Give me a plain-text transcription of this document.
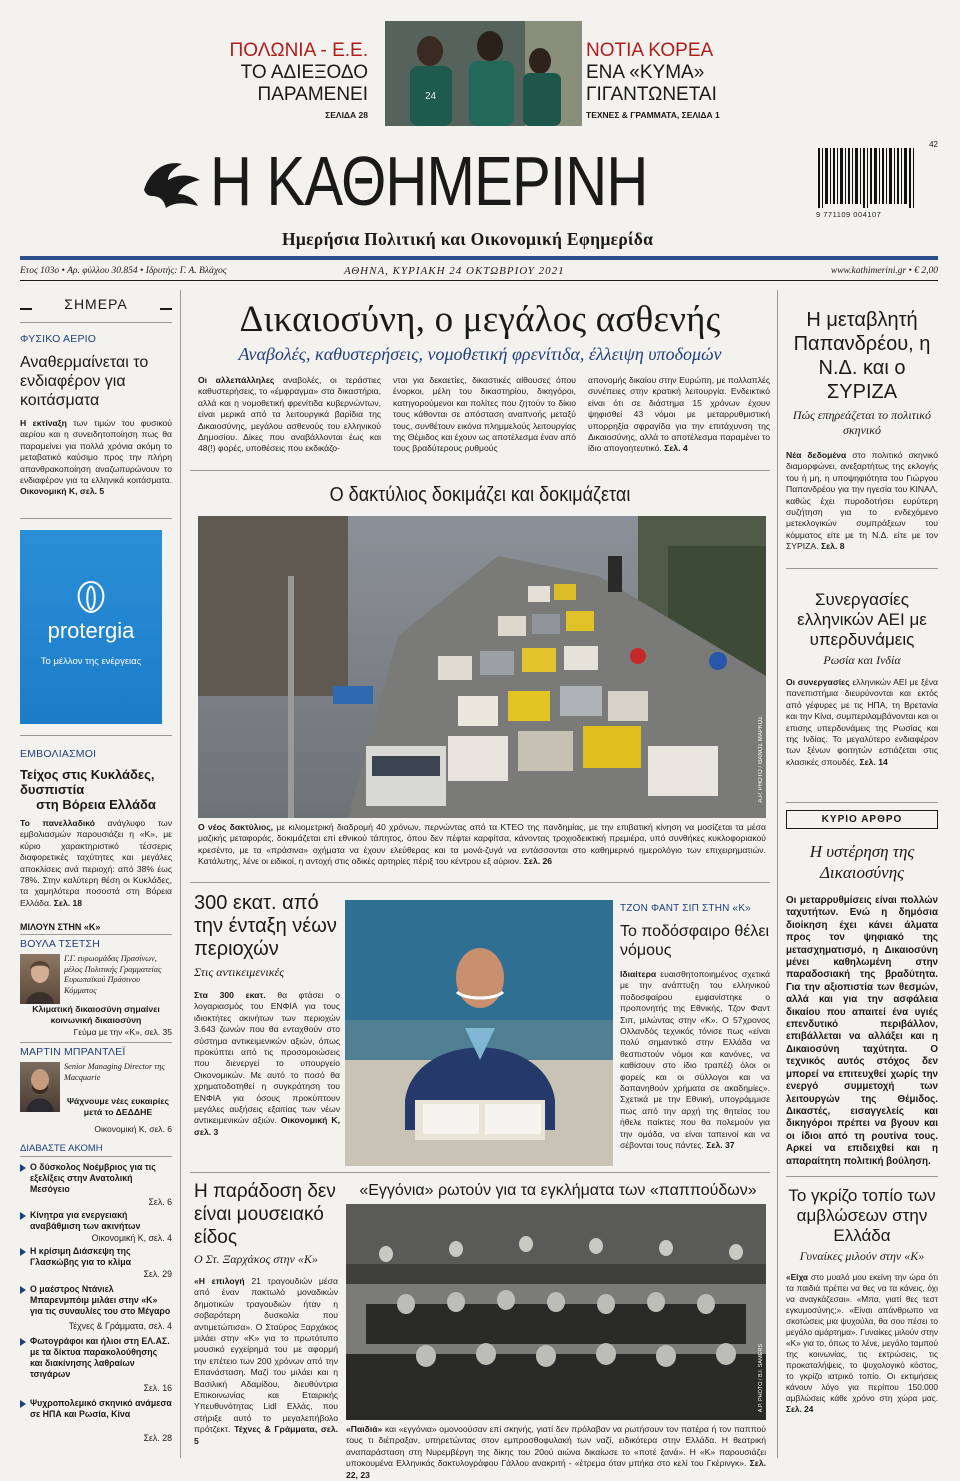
ΠΟΛΩΝΙΑ - Ε.Ε.
ΤΟ ΑΔΙΕΞΟΔΟ
ΠΑΡΑΜΕΝΕΙ
ΣΕΛΙΔΑ 28
24
ΝΟΤΙΑ ΚΟΡΕΑ
ΕΝΑ «ΚΥΜΑ»
ΓΙΓΑΝΤΩΝΕΤΑΙ
ΤΕΧΝΕΣ & ΓΡΑΜΜΑΤΑ, ΣΕΛΙΔΑ 1
Η ΚΑΘΗΜΕΡΙΝΗ	42
9 771109 004107
Ημερήσια Πολιτική και Οικονομική Εφημερίδα
Ετος 103ο • Αρ. φύλλου 30.854 • Ιδρυτής: Γ. Α. Βλάχος	ΑΘΗΝΑ, ΚΥΡΙΑΚΗ 24 ΟΚΤΩΒΡΙΟΥ 2021	www.kathimerini.gr • € 2,00
ΣΗΜΕΡΑ
ΦΥΣΙΚΟ ΑΕΡΙΟ
Αναθερμαίνεται το ενδιαφέρον για κοιτάσματα

Η εκτίναξη των τιμών του φυσικού αερίου και η συνειδητοποίηση πως θα παραμείνει για πολλά χρόνια ακόμη το μεταβατικό καύσιμο προς την πλήρη απανθρακοποίηση αναζωπυρώνουν το ενδιαφέρον για τα ελληνικά κοιτάσματα. Οικονομική Κ, σελ. 5

protergia
Το μέλλον της ενέργειας
ΕΜΒΟΛΙΑΣΜΟΙ
Τείχος στις Κυκλάδες, δυσπιστία
στη Βόρεια Ελλάδα

Το πανελλαδικό ανάγλυφο των εμβολιασμών παρουσιάζει η «Κ», με κύριο χαρακτηριστικό τέσσερις διαφορετικές ταχύτητες και μεγάλες αποκλίσεις ανά περιοχή: από 38% έως 78%. Στην καλύτερη θέση οι Κυκλάδες, τα χαμηλότερα ποσοστά στη Βόρεια Ελλάδα. Σελ. 18

ΜΙΛΟΥΝ ΣΤΗΝ «Κ»
ΒΟΥΛΑ ΤΣΕΤΣΗ
Γ.Γ. ευρωομάδας Πρασίνων, μέλος Πολιτικής Γραμματείας Ευρωπαϊκού Πράσινου Κόμματος
Κλιματική δικαιοσύνη σημαίνει κοινωνική δικαιοσύνη
Γεύμα με την «Κ», σελ. 35
ΜΑΡΤΙΝ ΜΠΡΑΝΤΛΕΪ
Senior Managing Director της Macquarie
Ψάχνουμε νέες ευκαιρίες μετά το ΔΕΔΔΗΕ
Οικονομική Κ, σελ. 6
ΔΙΑΒΑΣΤΕ ΑΚΟΜΗ
Ο δύσκολος Νοέμβριος για τις εξελίξεις στην Ανατολική Μεσόγειο
Σελ. 6
Κίνητρα για ενεργειακή αναβάθμιση των ακινήτων
Οικονομική Κ, σελ. 4
Η κρίσιμη Διάσκεψη της Γλασκώβης για το κλίμα
Σελ. 29
Ο μαέστρος Ντάνιελ Μπαρενμπόιμ μιλάει στην «Κ» για τις συναυλίες του στο Μέγαρο
Τέχνες & Γράμματα, σελ. 4
Φωτογράφοι και ήλιοι στη ΕΛ.ΑΣ. με τα δίκτυα παρακολούθησης και διακίνησης λαθραίων τσιγάρων
Σελ. 16
Ψυχροπολεμικό σκηνικό ανάμεσα σε ΗΠΑ και Ρωσία, Κίνα
Σελ. 28
Δικαιοσύνη, ο μεγάλος ασθενής
Αναβολές, καθυστερήσεις, νομοθετική φρενίτιδα, έλλειψη υποδομών

Οι αλλεπάλληλες αναβολές, οι τεράστιες καθυστερήσεις, το «έμφραγμα» στα δικαστήρια, αλλά και η νομοθετική φρενίτιδα κυβερνώντων, είναι μερικά από τα λειτουργικά βαρίδια της Δικαιοσύνης, μεγάλου ασθενούς του ελληνικού Δημοσίου. Δίκες που αναβάλλονται έως και 48(!) φορές, υποθέσεις που εκδικάζο-

νται για δεκαετίες, δικαστικές αίθουσες όπου ένορκοι, μέλη του δικαστηρίου, δικηγόροι, κατηγορούμενοι και πολίτες που ζητούν το δίκιο τους κάθονται σε απόσταση αναπνοής μεταξύ τους, συνθέτουν εικόνα πλημμελούς λειτουργίας της Θέμιδος και έχουν ως αποτέλεσμα έναν από τους βραδύτερους ρυθμούς

απονομής δικαίου στην Ευρώπη, με πολλαπλές συνέπειες στην κρατική λειτουργία. Ενδεικτικό είναι ότι σε διάστημα 15 χρόνων έχουν ψηφισθεί 43 νόμοι με μεταρρυθμιστική υπορρηξία σφραγίδα για την επιτάχυνση της Δικαιοσύνης, αλλά το αποτέλεσμα παραμένει το ίδιο απογοητευτικό. Σελ. 4

Ο δακτύλιος δοκιμάζει και δοκιμάζεται
Α.Ρ. PHOTO / ΘΑΝΟΣ ΜΑΡΚΟΣ

Ο νέος δακτύλιος, με κιλιομετρική διαδρομή 40 χρόνων, περνώντας από τα ΚΤΕΟ της πανδημίας, με την επιβατική κίνηση να μοσίζεται τα μέσα μαζικής μεταφοράς, δοκιμάζεται επί εθνικού τάπητος, όπου δεν πέφτει καρφίτσα, κάνοντας τροχιοδεικτική πρεμιέρα, υπό συνθήκες κυκλοφοριακού κρεσέντο, με τα «πράσινα» οχήματα να έχουν ελεύθερας και τα μονά-ζυγά να εντάσσονται στο καθημερινό ημερολόγιο των επιχειρηματιών. Κατάλυτης, λένε οι ειδικοί, η αντοχή στις οδικές αρτηρίες πέριξ του κέντρου εξ αύριον. Σελ. 26

300 εκατ. από την ένταξη νέων περιοχών
Στις αντικειμενικές

Στα 300 εκατ. θα φτάσει ο λογαριασμός του ΕΝΦΙΑ για τους ιδιοκτήτες ακινήτων των περιοχών 3.643 ζωνών που θα ενταχθούν στο σύστημα αντικειμενικών αξιών, όπως προκύπτει από τις προσομοιώσεις που διενεργεί το υπουργείο Οικονομικών. Με αυτό το ποσό θα χρηματοδοτηθεί η συγκράτηση του ΕΝΦΙΑ για όσους προκύπτουν μεγάλες αυξήσεις εξαιτίας των νέων αντικειμενικών αξιών. Οικονομική Κ, σελ. 3

ΤΖΟΝ ΦΑΝΤ ΣΙΠ ΣΤΗΝ «Κ»
Το ποδόσφαιρο θέλει νόμους

Ιδιαίτερα ευαισθητοποιημένος σχετικά με την ανάπτυξη του ελληνικού ποδοσφαίρου εμφανίστηκε ο προπονητής της Εθνικής, Τζον Φαντ Σιπ, μιλώντας στην «Κ». Ο 57χρονος Ολλανδός τεχνικός τόνισε πως «είναι πολύ σημαντικό στην Ελλάδα να θεσπιστούν νόμοι και κανόνες, να καθίσουν στο ίδιο τραπέζι όλοι οι φορείς και οι σύλλογοι και να δαπανηθούν χρήματα σε ακαδημίες». Σχετικά με την Εθνική, υπογράμμισε πως από την αρχή της θητείας του ήθελε παίκτες που θα πολεμούν για την ομάδα, να είναι ταπεινοί και να σέβονται τους πάντες. Σελ. 37

Η παράδοση δεν είναι μουσειακό είδος
Ο Στ. Ξαρχάκος στην «Κ»

«Η επιλογή 21 τραγουδιών μέσα από έναν πακτωλό μοναδικών δημοτικών τραγουδιών ήταν η σοβαρότερη δυσκολία που αντιμετώπισα». Ο Σταύρος Ξαρχάκος μιλάει στην «Κ» για το πρωτότυπο μουσικό εγχείρημά του με αφορμή την επέτειο των 200 χρόνων από την Επανάσταση. Μαζί του μιλάει και η Βασιλική Αδαμίδου, διευθύντρια Επικοινωνίας και Εταιρικής Υπευθυνότητας Lidl Ελλάς, που στήριξε αυτό το μεγαλεπήβολο πρότζεκτ. Τέχνες & Γράμματα, σελ. 5

«Εγγόνια» ρωτούν για τα εγκλήματα των «παππούδων»
A.P. PHOTO / B.I. SAMERS

«Παιδιά» και «εγγόνια» ομονοούσαν επί σκηνής, γιατί δεν πρόλαβαν να ρωτήσουν τον πατέρα ή τον παππού τους τι διέπραξαν, υπηρετώντας στον εμπροσθοφυλακή των ναζί, ειδικότερα στην Ελλάδα. Η θεατρική αναπαράσταση στη Νυρεμβέργη της δίκης του 20ού αιώνα δικαίωσε το «ποτέ ξανά». Η «Κ» παρουσιάζει υποκουμένα Ελληνικάς δακτυλογράφου Γάλλου ανακριτή - «έτρεμα όταν μπήκα στο κελί του Γκέρινγκ». Σελ. 22, 23

Η μεταβλητή Παπανδρέου, η Ν.Δ. και ο ΣΥΡΙΖΑ
Πώς επηρεάζεται το πολιτικό σκηνικό

Νέα δεδομένα στο πολιτικό σκηνικό διαμορφώνει, ανεξαρτήτως της εκλογής του ή μη, η υποψηφιότητα του Γιώργου Παπανδρέου για την ηγεσία του ΚΙΝΑΛ, καθώς έχει πυροδοτήσει ευρύτερη συζήτηση για το ενδεχόμενο μετεκλογικών συμπράξεων του κόμματος είτε με τη Ν.Δ. είτε με τον ΣΥΡΙΖΑ. Σελ. 8

Συνεργασίες ελληνικών ΑΕΙ με υπερδυνάμεις
Ρωσία και Ινδία

Οι συνεργασίες ελληνικών ΑΕΙ με ξένα πανεπιστήμια διευρύνονται και εκτός από γέφυρες με τις ΗΠΑ, τη Βρετανία και την Κίνα, συμπεριλαμβάνονται και οι επισης υπερδυνάμεις της Ρωσίας και της Ινδίας. Το μεγαλύτερο ενδιαφέρον των ξένων φοιτητών εστιάζεται στις κλασικές σπουδές. Σελ. 14

ΚΥΡΙΟ ΑΡΘΡΟ
Η υστέρηση της Δικαιοσύνης

Οι μεταρρυθμίσεις είναι πολλών ταχυτήτων. Ενώ η δημόσια διοίκηση έχει κάνει άλματα προς τον ψηφιακό της μετασχηματισμό, η Δικαιοσύνη μένει καθηλωμένη στην παραδοσιακή της βραδύτητα. Για την αξιοπιστία των θεσμών, αλλά και για την ασφάλεια δικαίου που απαιτεί ένα υγιές επενδυτικό περιβάλλον, επιβάλλεται να αλλάξει και η Δικαιοσύνη ταχύτητα. Ο τεχνικός αυτός στόχος δεν μπορεί να επιτευχθεί χωρίς την ενεργό συμμετοχή των λειτουργών της Θέμιδος. Δικαστές, εισαγγελείς και δικηγόροι πρέπει να βγουν και οι ίδιοι από τη ρουτίνα τους. Αρκεί να επιδειχθεί και η απαραίτητη πολιτική βούληση.

Το γκρίζο τοπίο των αμβλώσεων στην Ελλάδα
Γυναίκες μιλούν στην «Κ»

«Είχα στο μυαλό μου εκείνη την ώρα ότι τα παιδιά πρέπει να θες να τα κάνεις, όχι να αναγκάζεσαι». «Μπα, γιατί θες τεστ εγκυμοσύνης;». «Είναι απάνθρωπο να σκοτώσεις μια ψυχούλα, θα σου πέσει το μεγάλο αμάρτημα». Γυναίκες μιλούν στην «Κ» για το, όπως το λένε, μεγάλο ταμπού της κοινωνίας, τις εκτρώσεις, τις προκαταλήψεις, το ψυχολογικό κόστος, το γκρίζο ιατρικό τοπίο. Οι εκτιμήσεις κάνουν λόγο για περίπου 150.000 αμβλώσεις κάθε χρόνο στη χώρα μας. Σελ. 24
